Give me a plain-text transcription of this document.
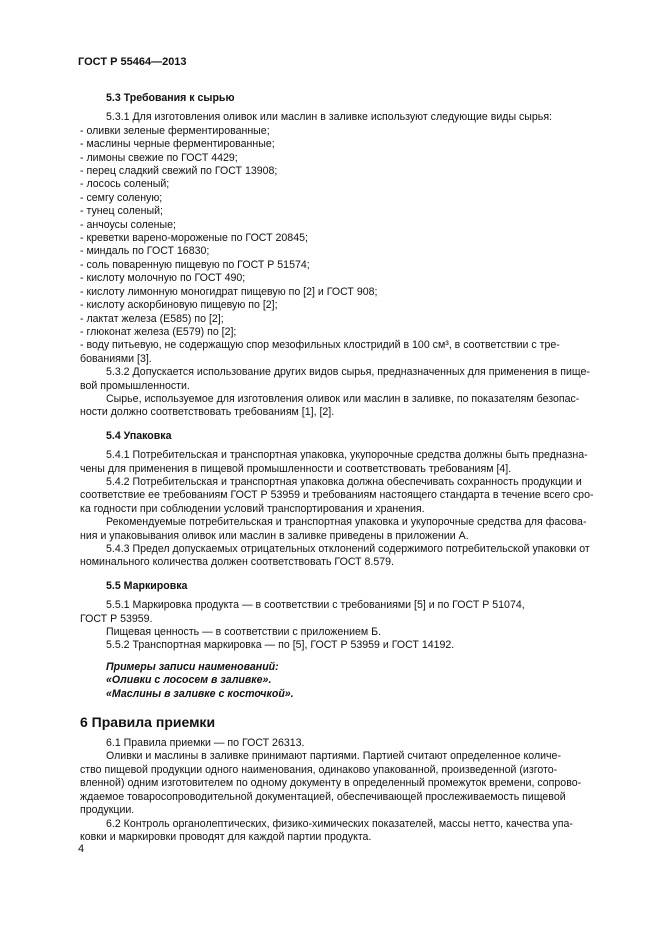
ГОСТ Р 55464—2013
5.3 Требования к сырью

5.3.1 Для изготовления оливок или маслин в заливке используют следующие виды сырья:

- оливки зеленые ферментированные;

- маслины черные ферментированные;

- лимоны свежие по ГОСТ 4429;

- перец сладкий свежий по ГОСТ 13908;

- лосось соленый;

- семгу соленую;

- тунец соленый;

- анчоусы соленые;

- креветки варено-мороженые по ГОСТ 20845;

- миндаль по ГОСТ 16830;

- соль поваренную пищевую по ГОСТ Р 51574;

- кислоту молочную по ГОСТ 490;

- кислоту лимонную моногидрат пищевую по [2] и ГОСТ 908;

- кислоту аскорбиновую пищевую по [2];

- лактат железа (Е585) по [2];

- глюконат железа (Е579) по [2];

- воду питьевую, не содержащую спор мезофильных клостридий в 100 см³, в соответствии с тре-

бованиями [3].

5.3.2 Допускается использование других видов сырья, предназначенных для применения в пище-

вой промышленности.

Сырье, используемое для изготовления оливок или маслин в заливке, по показателям безопас-

ности должно соответствовать требованиям [1], [2].

5.4 Упаковка

5.4.1 Потребительская и транспортная упаковка, укупорочные средства должны быть предназна-

чены для применения в пищевой промышленности и соответствовать требованиям [4].

5.4.2 Потребительская и транспортная упаковка должна обеспечивать сохранность продукции и

соответствие ее требованиям ГОСТ Р 53959 и требованиям настоящего стандарта в течение всего сро-

ка годности при соблюдении условий транспортирования и хранения.

Рекомендуемые потребительская и транспортная упаковка и укупорочные средства для фасова-

ния и упаковывания оливок или маслин в заливке приведены в приложении А.

5.4.3 Предел допускаемых отрицательных отклонений содержимого потребительской упаковки от

номинального количества должен соответствовать ГОСТ 8.579.

5.5 Маркировка

5.5.1 Маркировка продукта — в соответствии с требованиями [5] и по ГОСТ Р 51074,

ГОСТ Р 53959.

Пищевая ценность — в соответствии с приложением Б.

5.5.2 Транспортная маркировка — по [5], ГОСТ Р 53959 и ГОСТ 14192.

Примеры записи наименований:

«Оливки с лососем в заливке».

«Маслины в заливке с косточкой».

6 Правила приемки

6.1 Правила приемки — по ГОСТ 26313.

Оливки и маслины в заливке принимают партиями. Партией считают определенное количе-

ство пищевой продукции одного наименования, одинаково упакованной, произведенной (изгото-

вленной) одним изготовителем по одному документу в определенный промежуток времени, сопрово-

ждаемое товаросопроводительной документацией, обеспечивающей прослеживаемость пищевой

продукции.

6.2 Контроль органолептических, физико-химических показателей, массы нетто, качества упа-

ковки и маркировки проводят для каждой партии продукта.

4
